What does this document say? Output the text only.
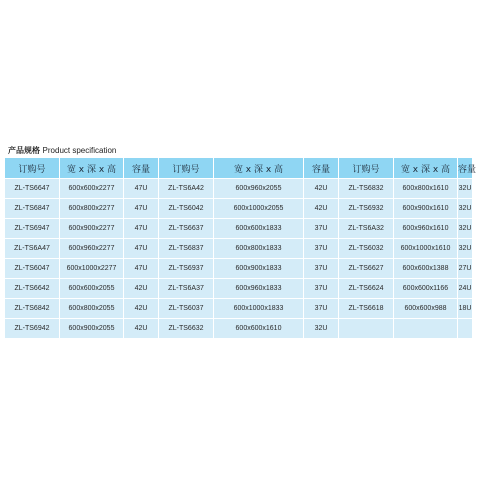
产品规格 Product specification
订购号	宽 x 深 x 高	容量	订购号	宽 x 深 x 高	容量	订购号	宽 x 深 x 高	容量
ZL-TS6647	600x600x2277	47U	ZL-TS6A42	600x960x2055	42U	ZL-TS6832	600x800x1610	32U
ZL-TS6847	600x800x2277	47U	ZL-TS6042	600x1000x2055	42U	ZL-TS6932	600x900x1610	32U
ZL-TS6947	600x900x2277	47U	ZL-TS6637	600x600x1833	37U	ZL-TS6A32	600x960x1610	32U
ZL-TS6A47	600x960x2277	47U	ZL-TS6837	600x800x1833	37U	ZL-TS6032	600x1000x1610	32U
ZL-TS6047	600x1000x2277	47U	ZL-TS6937	600x900x1833	37U	ZL-TS6627	600x600x1388	27U
ZL-TS6642	600x600x2055	42U	ZL-TS6A37	600x960x1833	37U	ZL-TS6624	600x600x1166	24U
ZL-TS6842	600x800x2055	42U	ZL-TS6037	600x1000x1833	37U	ZL-TS6618	600x600x988	18U
ZL-TS6942	600x900x2055	42U	ZL-TS6632	600x600x1610	32U			
